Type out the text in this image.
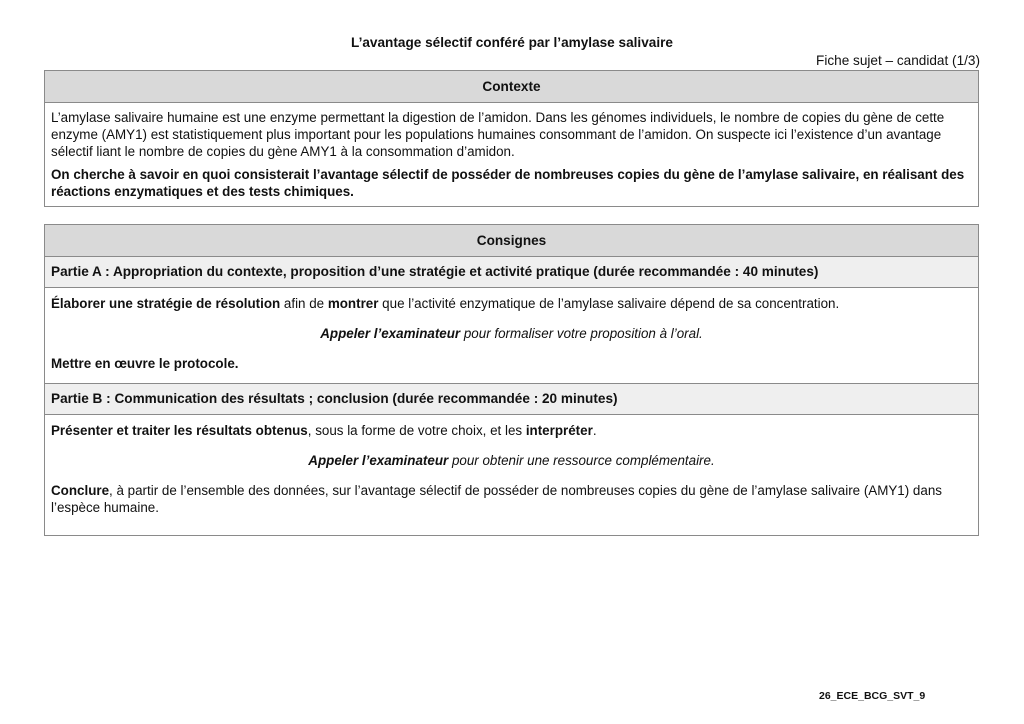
L’avantage sélectif conféré par l’amylase salivaire
Fiche sujet – candidat (1/3)
Contexte

L’amylase salivaire humaine est une enzyme permettant la digestion de l’amidon. Dans les génomes individuels, le nombre de copies du gène de cette enzyme (AMY1) est statistiquement plus important pour les populations humaines consommant de l’amidon. On suspecte ici l’existence d’un avantage sélectif liant le nombre de copies du gène AMY1 à la consommation d’amidon.

On cherche à savoir en quoi consisterait l’avantage sélectif de posséder de nombreuses copies du gène de l’amylase salivaire, en réalisant des réactions enzymatiques et des tests chimiques.

Consignes
Partie A : Appropriation du contexte, proposition d’une stratégie et activité pratique (durée recommandée : 40 minutes)

Élaborer une stratégie de résolution afin de montrer que l’activité enzymatique de l’amylase salivaire dépend de sa concentration.

Appeler l’examinateur pour formaliser votre proposition à l’oral.

Mettre en œuvre le protocole.

Partie B : Communication des résultats ; conclusion (durée recommandée : 20 minutes)

Présenter et traiter les résultats obtenus, sous la forme de votre choix, et les interpréter.

Appeler l’examinateur pour obtenir une ressource complémentaire.

Conclure, à partir de l’ensemble des données, sur l’avantage sélectif de posséder de nombreuses copies du gène de l’amylase salivaire (AMY1) dans l’espèce humaine.

26_ECE_BCG_SVT_9
